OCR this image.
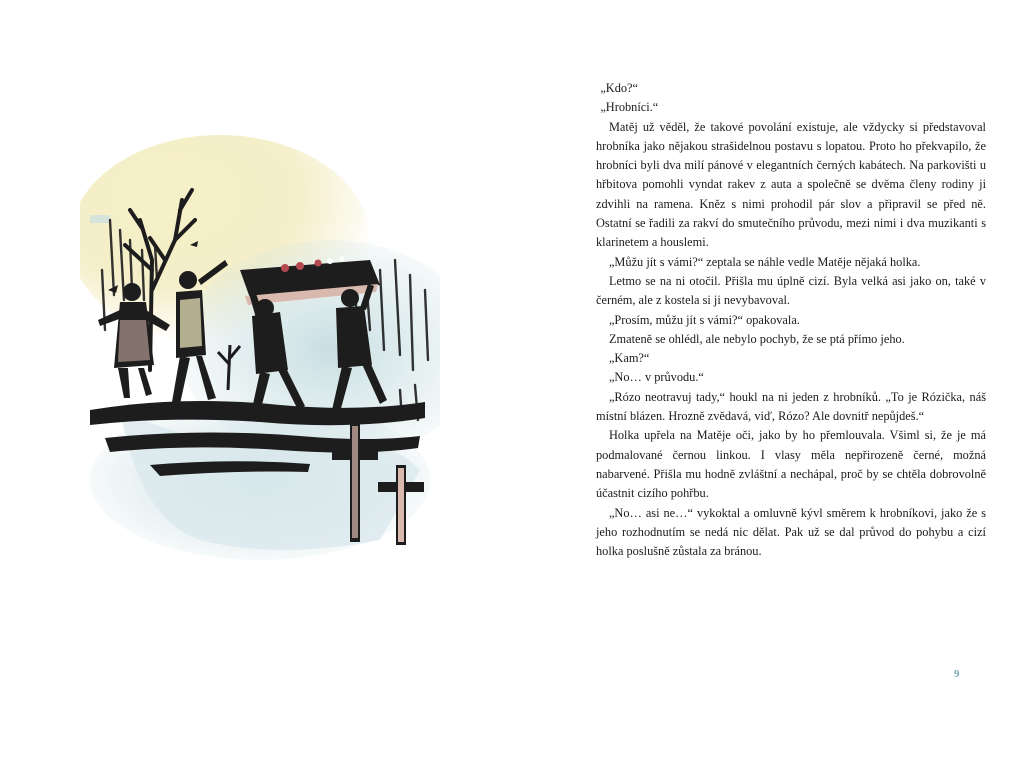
„Kdo?“

„Hrobníci.“

Matěj už věděl, že takové povolání existuje, ale vždycky si představoval hrobníka jako nějakou strašidelnou postavu s lopatou. Proto ho překvapilo, že hrobníci byli dva milí pánové v elegantních černých kabátech. Na parkovišti u hřbitova pomohli vyndat rakev z auta a společně se dvěma členy rodiny ji zdvihli na ramena. Kněz s nimi prohodil pár slov a připravil se před ně. Ostatní se řadili za rakví do smutečního průvodu, mezi nimi i dva muzikanti s klarinetem a houslemi.

„Můžu jít s vámi?“ zeptala se náhle vedle Matěje nějaká holka.

Letmo se na ni otočil. Přišla mu úplně cizí. Byla velká asi jako on, také v černém, ale z kostela si ji nevybavoval.

„Prosím, můžu jít s vámi?“ opakovala.

Zmateně se ohlédl, ale nebylo pochyb, že se ptá přímo jeho.

„Kam?“

„No… v průvodu.“

„Rózo neotravuj tady,“ houkl na ni jeden z hrobníků. „To je Rózička, náš místní blázen. Hrozně zvědavá, viď, Rózo? Ale dovnitř nepůjdeš.“

Holka upřela na Matěje oči, jako by ho přemlouvala. Všiml si, že je má podmalované černou linkou. I vlasy měla nepřirozeně černé, možná nabarvené. Přišla mu hodně zvláštní a nechápal, proč by se chtěla dobrovolně účastnit cizího pohřbu.

„No… asi ne…“ vykoktal a omluvně kývl směrem k hrobníkovi, jako že s jeho rozhodnutím se nedá nic dělat. Pak už se dal průvod do pohybu a cizí holka poslušně zůstala za bránou.

9
